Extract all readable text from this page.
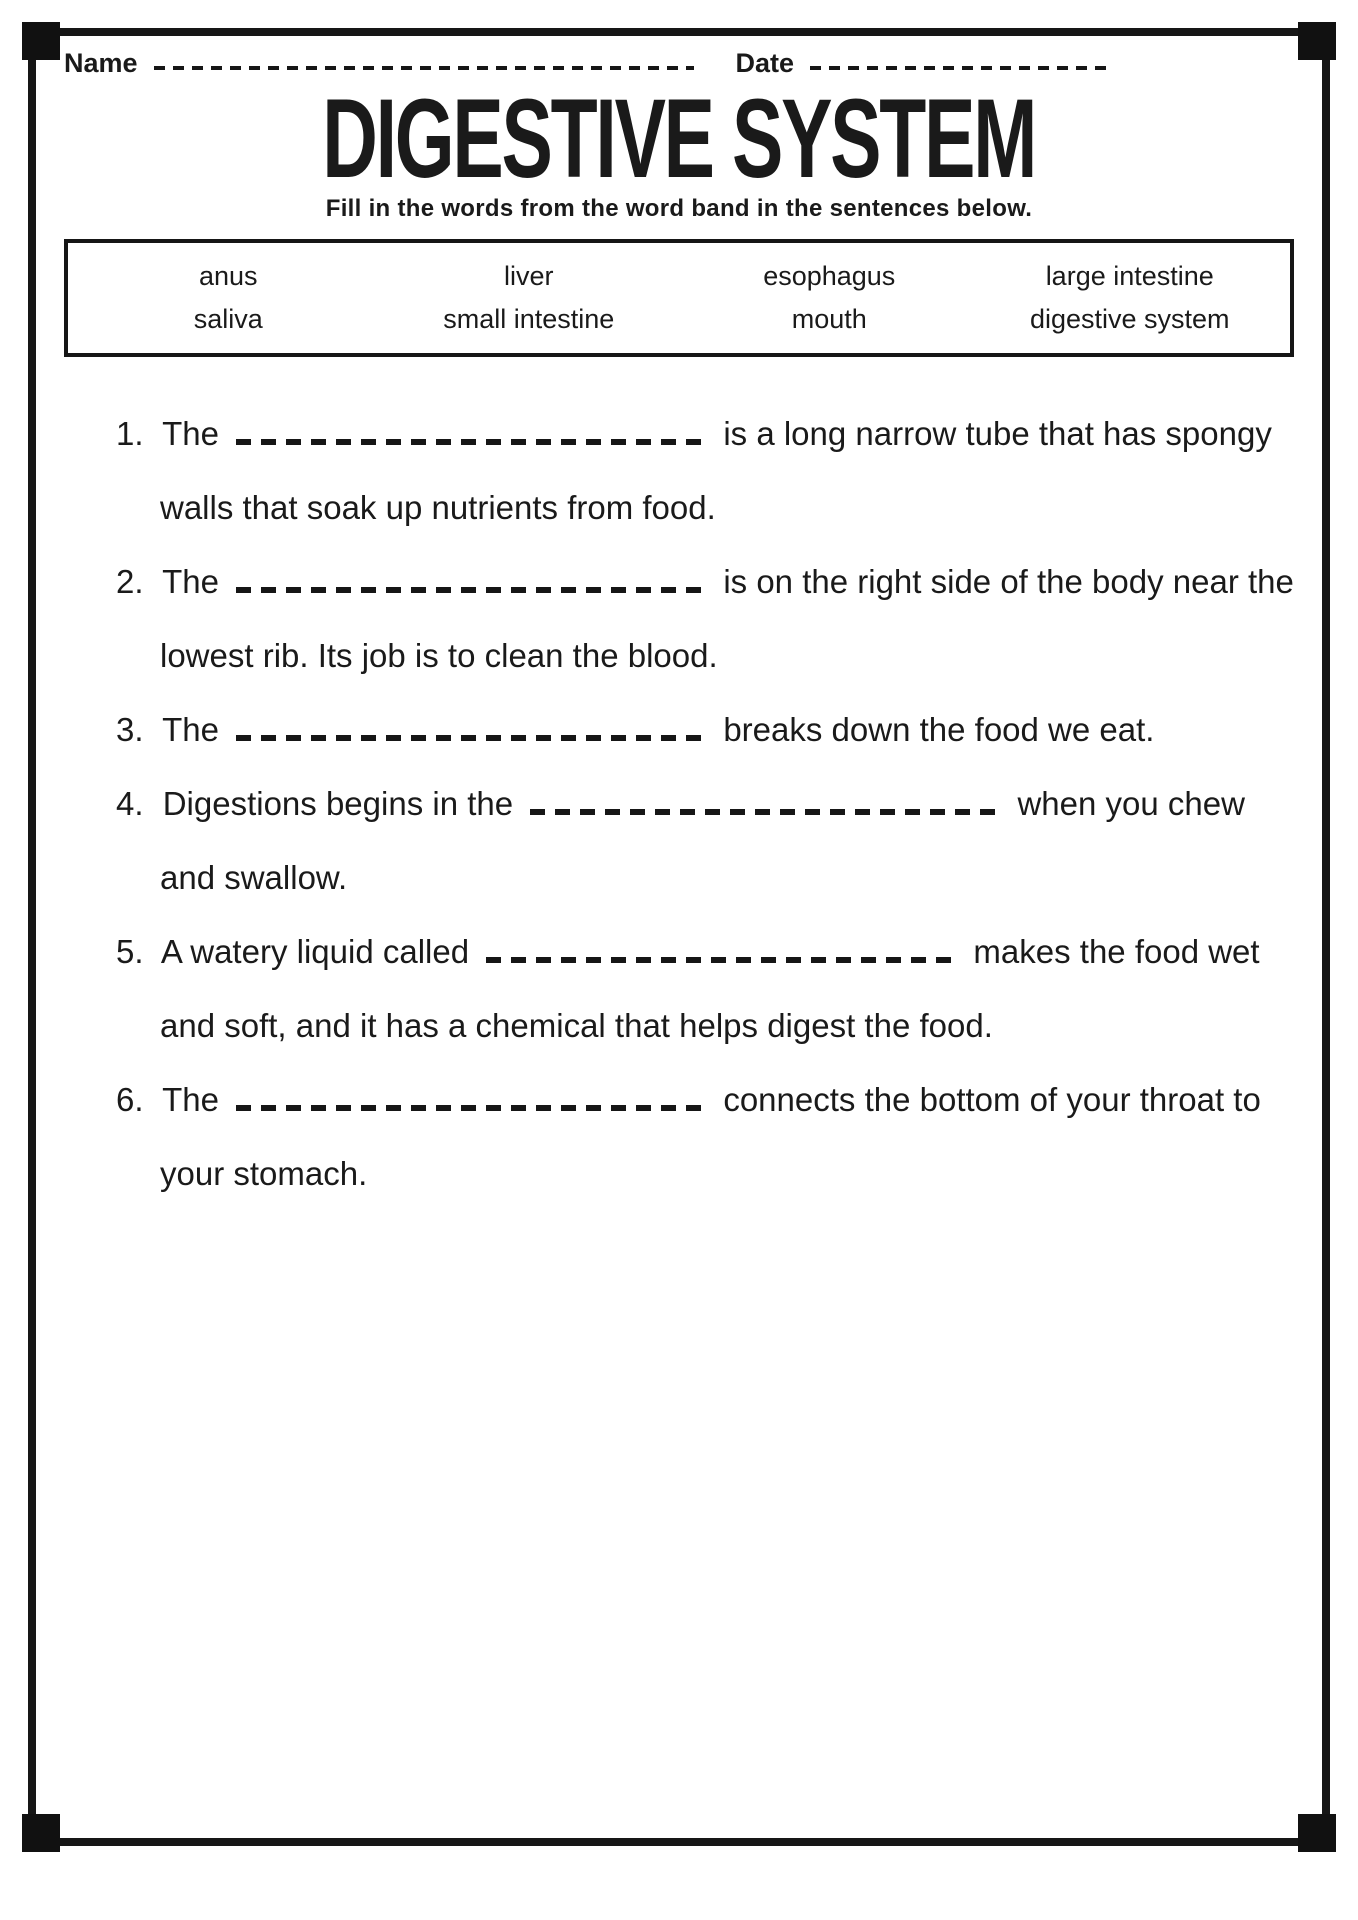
Name	Date
DIGESTIVE SYSTEM
Fill in the words from the word band in the sentences below.
anus	liver	esophagus	large intestine
saliva	small intestine	mouth	digestive system

1. The	is a long narrow tube that has spongy walls that soak up nutrients from food.

2. The	is on the right side of the body near the lowest rib. Its job is to clean the blood.

3. The	breaks down the food we eat.

4. Digestions begins in the	when you chew and swallow.

5. A watery liquid called	makes the food wet and soft, and it has a chemical that helps digest the food.

6. The	connects the bottom of your throat to your stomach.
